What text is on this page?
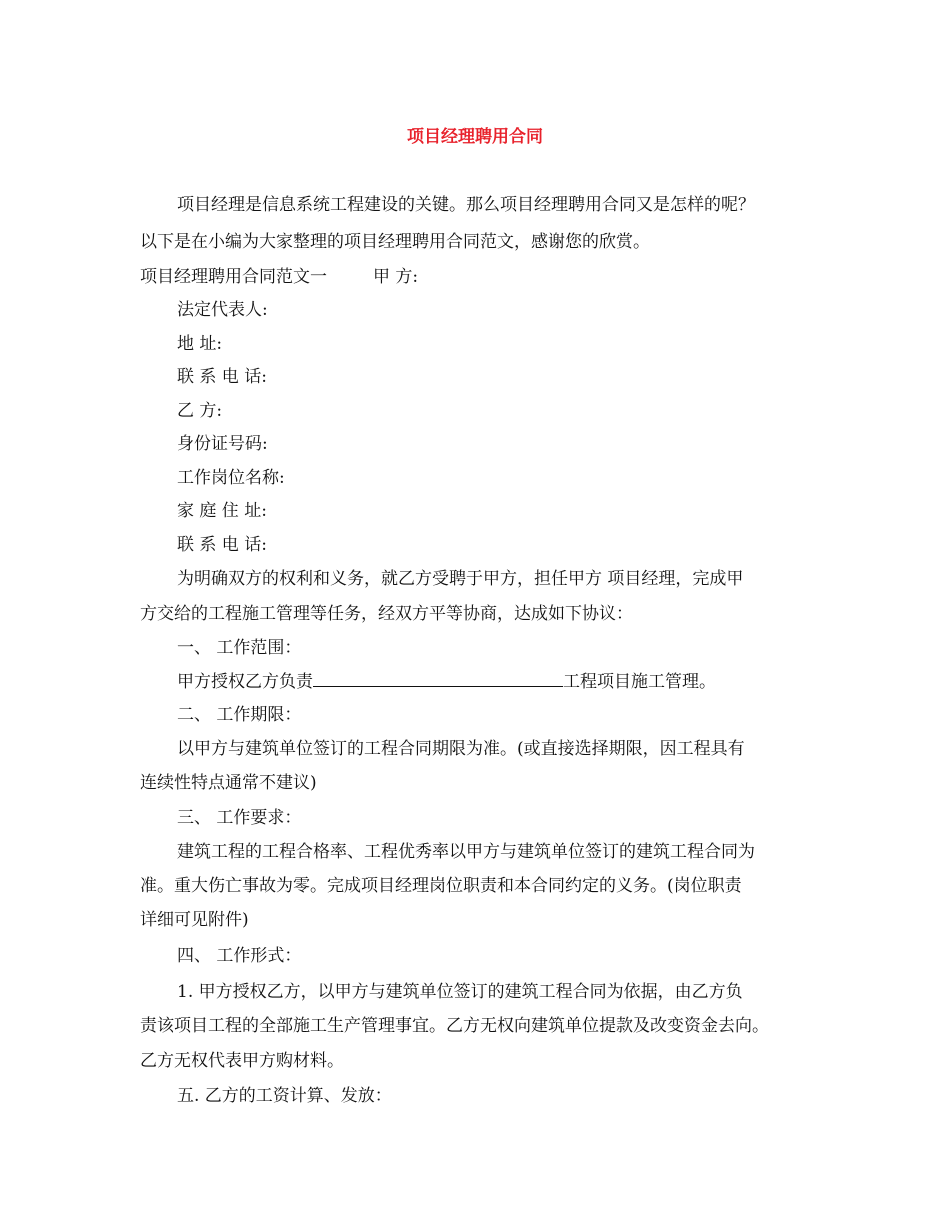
项目经理聘用合同
项目经理是信息系统工程建设的关键。那么项目经理聘用合同又是怎样的呢？
以下是在小编为大家整理的项目经理聘用合同范文，感谢您的欣赏。
项目经理聘用合同范文一	甲 方:
法定代表人:
地 址:
联 系 电 话:
乙 方:
身份证号码:
工作岗位名称:
家 庭 住 址:
联 系 电 话:
为明确双方的权利和义务，就乙方受聘于甲方，担任甲方 项目经理，完成甲
方交给的工程施工管理等任务，经双方平等协商，达成如下协议：
一、 工作范围：
甲方授权乙方负责	工程项目施工管理。
二、 工作期限：
以甲方与建筑单位签订的工程合同期限为准。(或直接选择期限，因工程具有
连续性特点通常不建议)
三、 工作要求：
建筑工程的工程合格率、工程优秀率以甲方与建筑单位签订的建筑工程合同为
准。重大伤亡事故为零。完成项目经理岗位职责和本合同约定的义务。(岗位职责
详细可见附件)
四、 工作形式：
1. 甲方授权乙方，以甲方与建筑单位签订的建筑工程合同为依据，由乙方负
责该项目工程的全部施工生产管理事宜。乙方无权向建筑单位提款及改变资金去向。
乙方无权代表甲方购材料。
五. 乙方的工资计算、发放：
